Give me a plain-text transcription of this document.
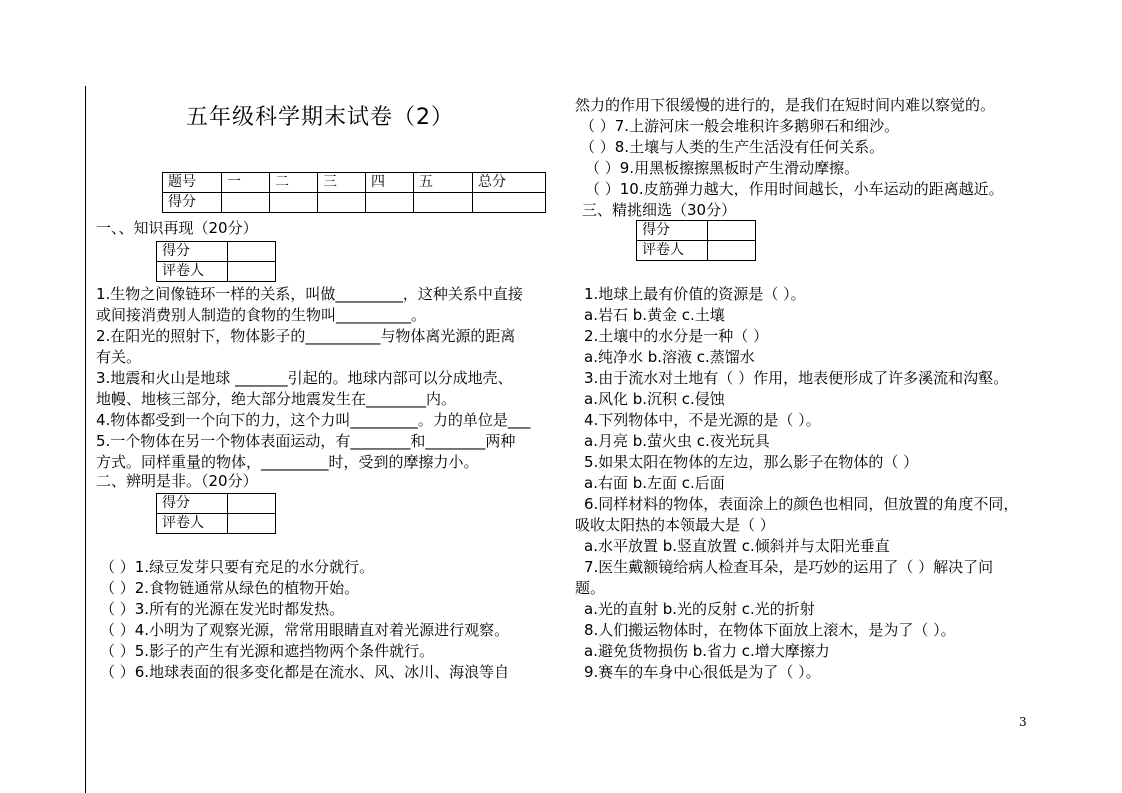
五年级科学期末试卷（2）
题号	一	二	三	四	五	总分
得分						
一、、知识再现（20分）
得分	
评卷人	
1.生物之间像链环一样的关系，叫做_________，这种关系中直接
或间接消费别人制造的食物的生物叫__________。
2.在阳光的照射下，物体影子的__________与物体离光源的距离
有关。
3.地震和火山是地球 _______引起的。地球内部可以分成地壳、
地幔、地核三部分，绝大部分地震发生在________内。
4.物体都受到一个向下的力，这个力叫_________。力的单位是___
5.一个物体在另一个物体表面运动，有________和________两种
方式。同样重量的物体，_________时，受到的摩擦力小。
二、辨明是非。（20分）
得分	
评卷人	
（ ）1.绿豆发芽只要有充足的水分就行。
（ ）2.食物链通常从绿色的植物开始。
（ ）3.所有的光源在发光时都发热。
（ ）4.小明为了观察光源，常常用眼睛直对着光源进行观察。
（ ）5.影子的产生有光源和遮挡物两个条件就行。
（ ）6.地球表面的很多变化都是在流水、风、冰川、海浪等自
然力的作用下很缓慢的进行的，是我们在短时间内难以察觉的。
（ ）7.上游河床一般会堆积许多鹅卵石和细沙。
（ ）8.土壤与人类的生产生活没有任何关系。
（ ）9.用黑板擦擦黑板时产生滑动摩擦。
（ ）10.皮筋弹力越大，作用时间越长，小车运动的距离越近。
三、精挑细选（30分）
得分	
评卷人	
1.地球上最有价值的资源是（ ）。
a.岩石 b.黄金 c.土壤
2.土壤中的水分是一种（ ）
a.纯净水 b.溶液 c.蒸馏水
3.由于流水对土地有（ ）作用，地表便形成了许多溪流和沟壑。
a.风化 b.沉积 c.侵蚀
4.下列物体中，不是光源的是（ ）。
a.月亮 b.萤火虫 c.夜光玩具
5.如果太阳在物体的左边，那么影子在物体的（ ）
a.右面 b.左面 c.后面
6.同样材料的物体，表面涂上的颜色也相同，但放置的角度不同，
吸收太阳热的本领最大是（ ）
a.水平放置 b.竖直放置 c.倾斜并与太阳光垂直
7.医生戴额镜给病人检查耳朵，是巧妙的运用了（ ）解决了问
题。
a.光的直射 b.光的反射 c.光的折射
8.人们搬运物体时，在物体下面放上滚木，是为了（ ）。
a.避免货物损伤 b.省力 c.增大摩擦力
9.赛车的车身中心很低是为了（ ）。
3
